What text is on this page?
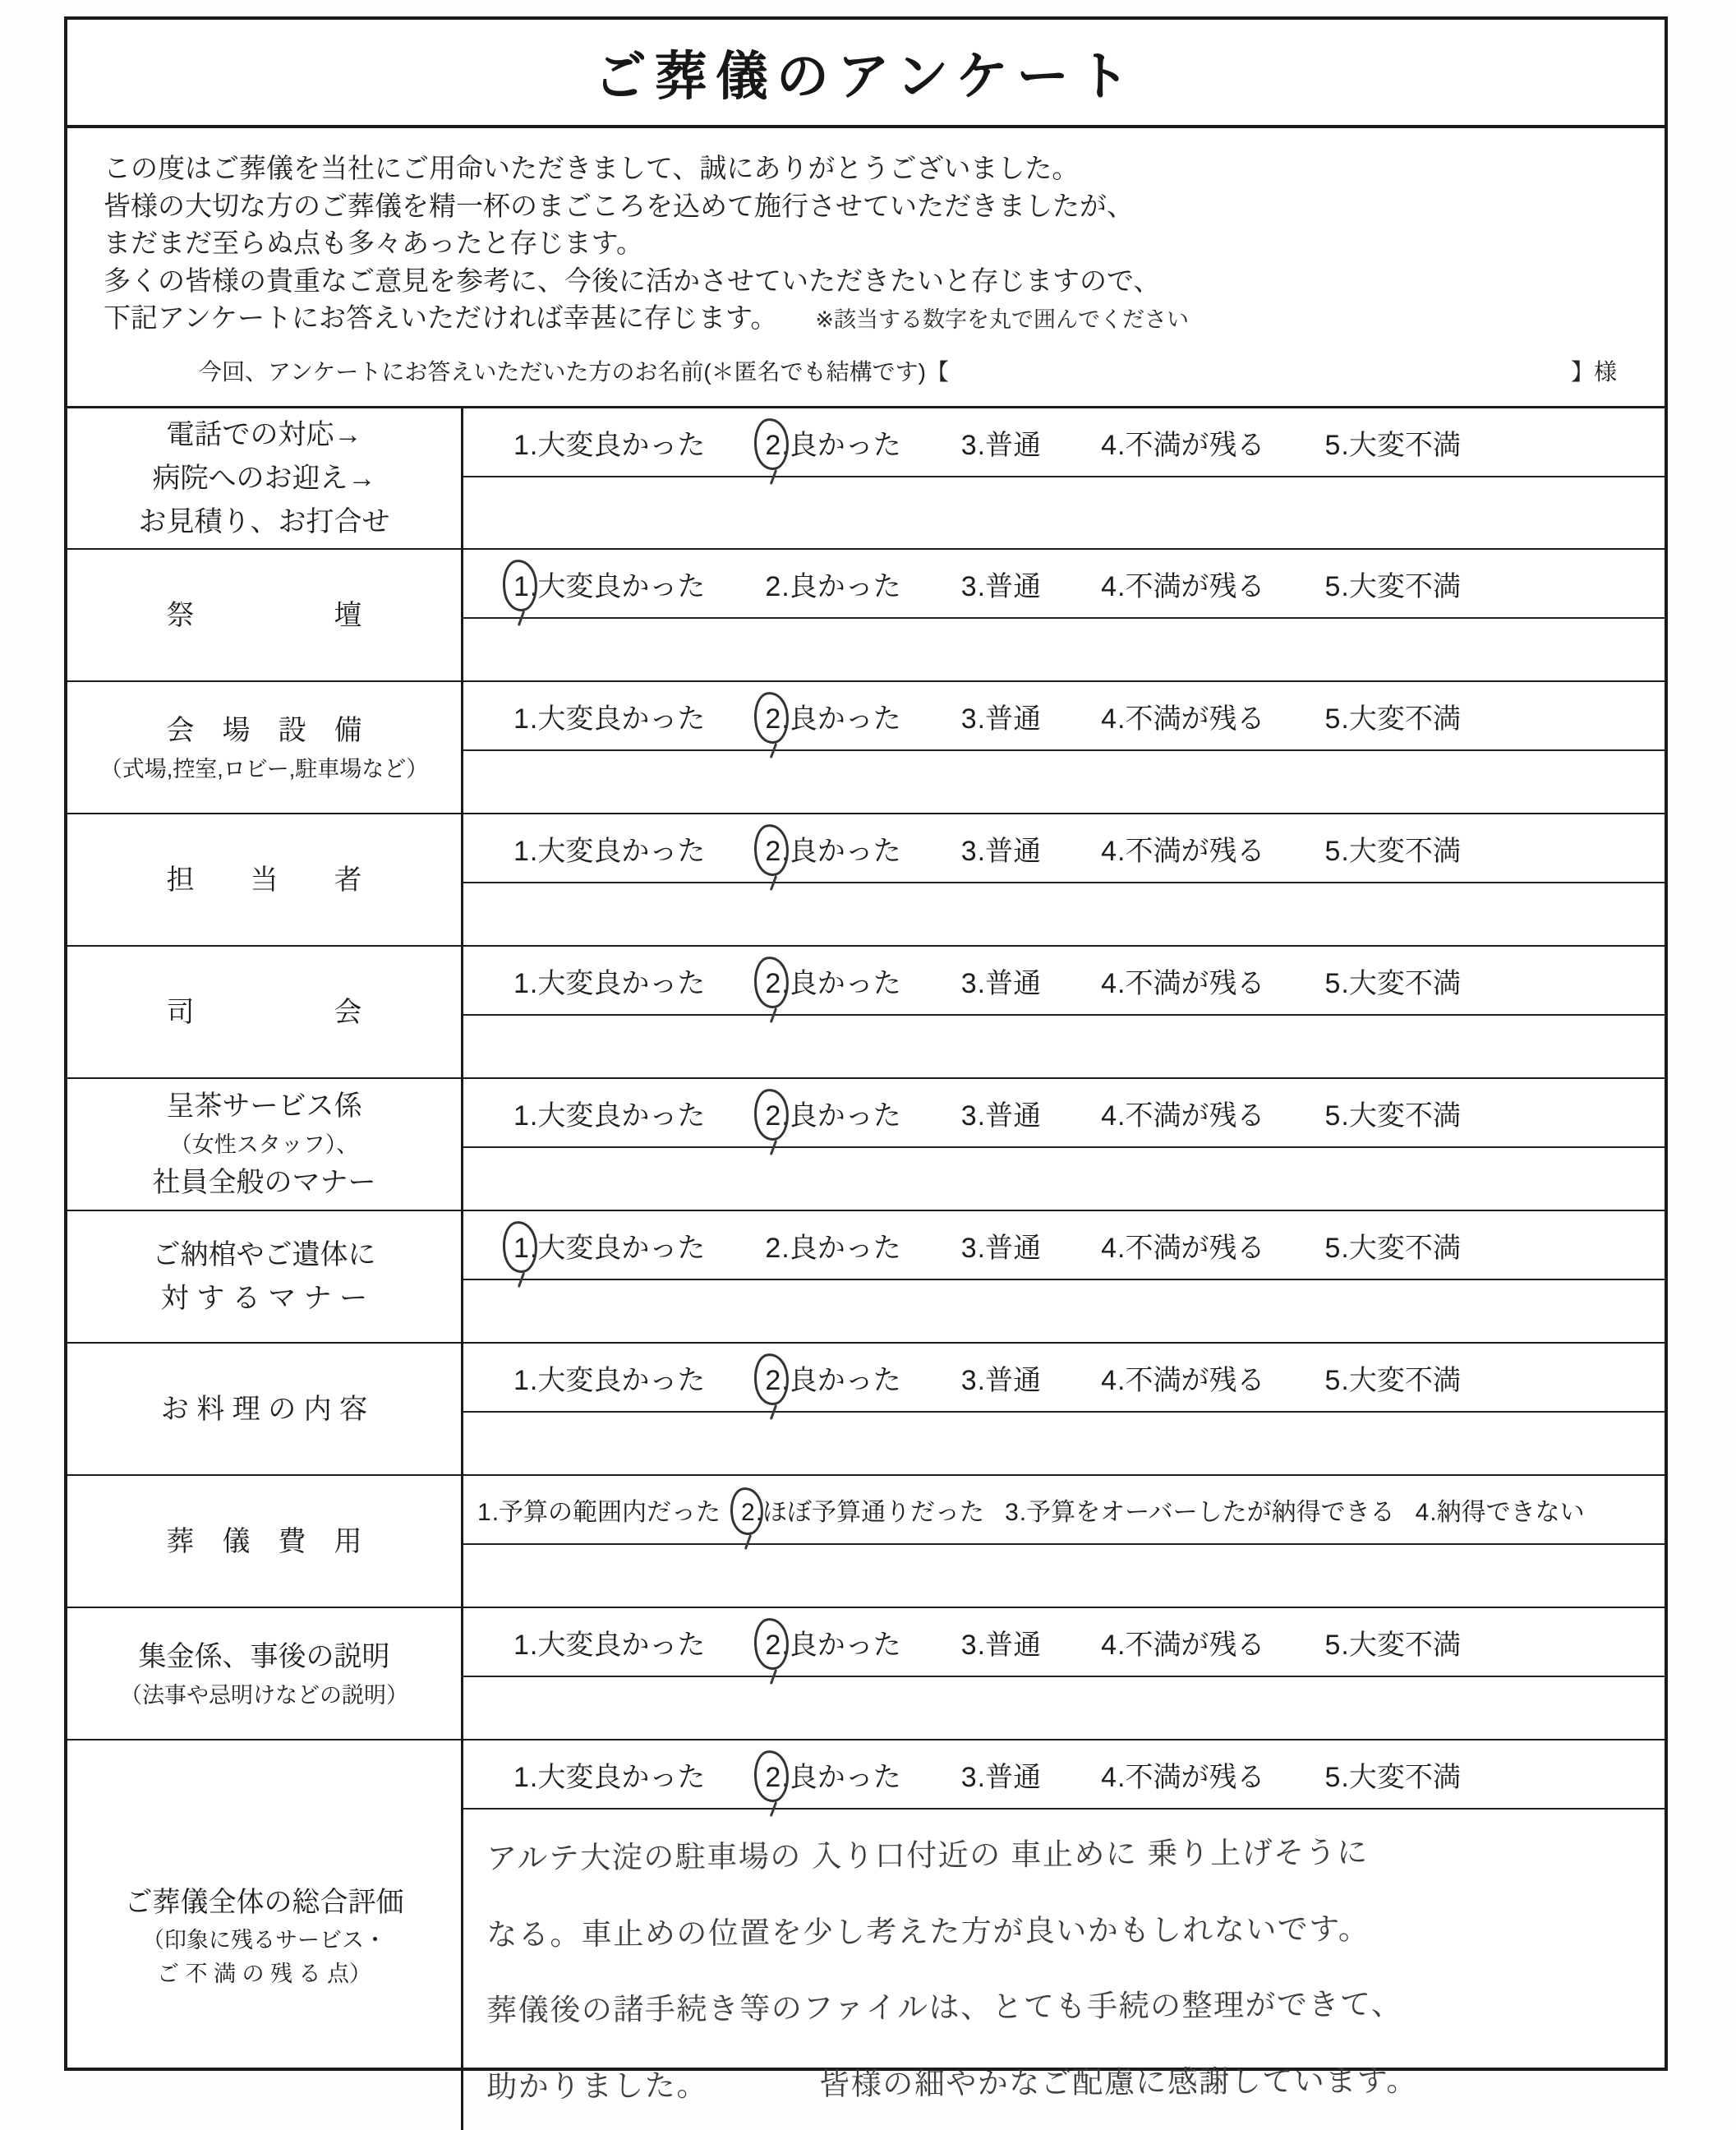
ご葬儀のアンケート
この度はご葬儀を当社にご用命いただきまして、誠にありがとうございました。
皆様の大切な方のご葬儀を精一杯のまごころを込めて施行させていただきましたが、
まだまだ至らぬ点も多々あったと存じます。
多くの皆様の貴重なご意見を参考に、今後に活かさせていただきたいと存じますので、
下記アンケートにお答えいただければ幸甚に存じます。 ※該当する数字を丸で囲んでください
今回、アンケートにお答えいただいた方のお名前(＊匿名でも結構です)【	】様
電話での対応→
病院へのお迎え→
お見積り、お打合せ
1 .大変良かった 2 .良かった 3 .普通 4 .不満が残る 5 .大変不満
祭　　　　　壇
1 .大変良かった 2 .良かった 3 .普通 4 .不満が残る 5 .大変不満
会　場　設　備
（式場,控室,ロビー,駐車場など）
1 .大変良かった 2 .良かった 3 .普通 4 .不満が残る 5 .大変不満
担　　当　　者
1 .大変良かった 2 .良かった 3 .普通 4 .不満が残る 5 .大変不満
司　　　　　会
1 .大変良かった 2 .良かった 3 .普通 4 .不満が残る 5 .大変不満
呈茶サービス係
（女性スタッフ）、
社員全般のマナー
1 .大変良かった 2 .良かった 3 .普通 4 .不満が残る 5 .大変不満
ご納棺やご遺体に
対 す る マ ナ ー
1 .大変良かった 2 .良かった 3 .普通 4 .不満が残る 5 .大変不満
お 料 理 の 内 容
1 .大変良かった 2 .良かった 3 .普通 4 .不満が残る 5 .大変不満
葬　儀　費　用
1 .予算の範囲内だった 2 .ほぼ予算通りだった 3 .予算をオーバーしたが納得できる 4 .納得できない
集金係、事後の説明
（法事や忌明けなどの説明）
1 .大変良かった 2 .良かった 3 .普通 4 .不満が残る 5 .大変不満
ご葬儀全体の総合評価
（印象に残るサービス・
ご 不 満 の 残 る 点）
1 .大変良かった 2 .良かった 3 .普通 4 .不満が残る 5 .大変不満
アルテ大淀の駐車場の 入り口付近の 車止めに 乗り上げそうに
なる。車止めの位置を少し考えた方が良いかもしれないです。
葬儀後の諸手続き等のファイルは、とても手続の整理ができて、
助かりました。　　　　皆様の細やかなご配慮に感謝しています。
